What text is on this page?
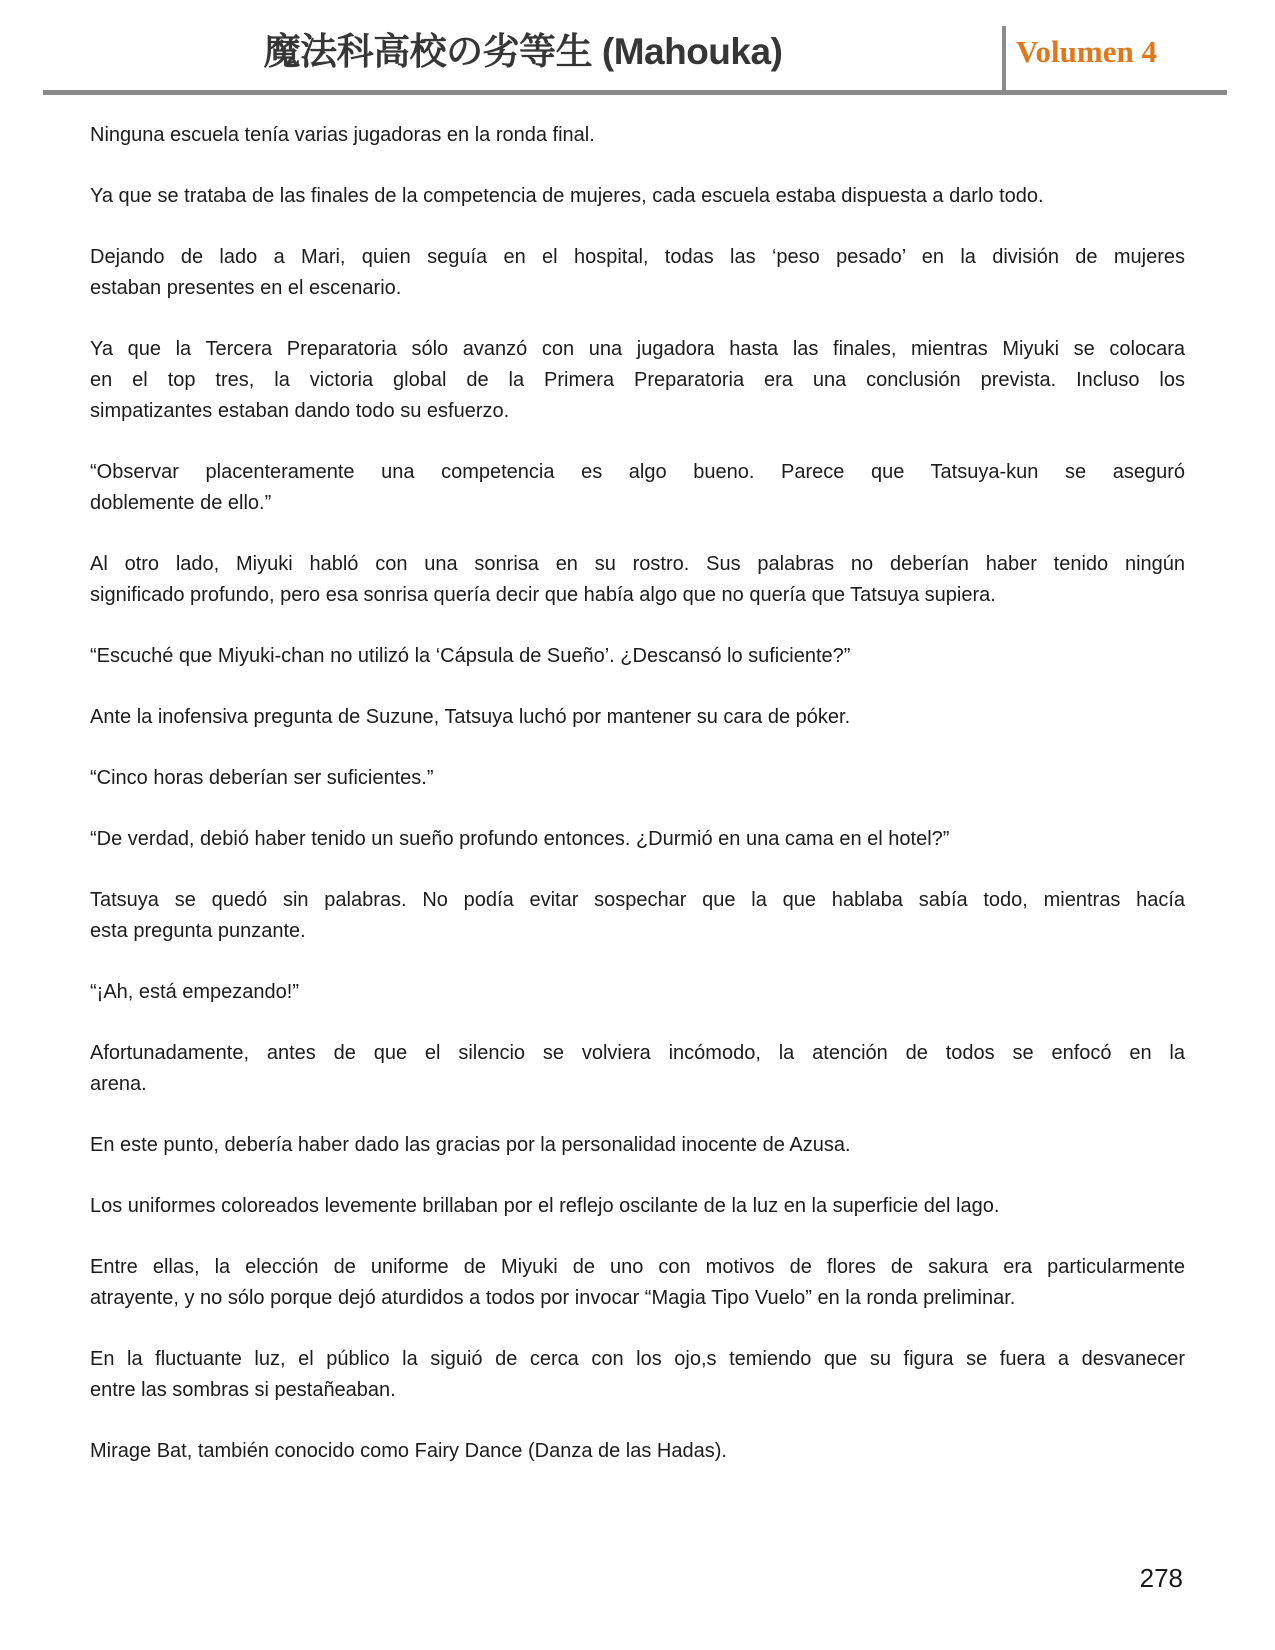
魔法科高校の劣等生 (Mahouka)	Volumen 4
Ninguna escuela tenía varias jugadoras en la ronda final.
Ya que se trataba de las finales de la competencia de mujeres, cada escuela estaba dispuesta a darlo todo.
Dejando de lado a Mari, quien seguía en el hospital, todas las ‘peso pesado’ en la división de mujeres
estaban presentes en el escenario.
Ya que la Tercera Preparatoria sólo avanzó con una jugadora hasta las finales, mientras Miyuki se colocara
en el top tres, la victoria global de la Primera Preparatoria era una conclusión prevista. Incluso los
simpatizantes estaban dando todo su esfuerzo.
“Observar placenteramente una competencia es algo bueno. Parece que Tatsuya-kun se aseguró
doblemente de ello.”
Al otro lado, Miyuki habló con una sonrisa en su rostro. Sus palabras no deberían haber tenido ningún
significado profundo, pero esa sonrisa quería decir que había algo que no quería que Tatsuya supiera.
“Escuché que Miyuki-chan no utilizó la ‘Cápsula de Sueño’. ¿Descansó lo suficiente?”
Ante la inofensiva pregunta de Suzune, Tatsuya luchó por mantener su cara de póker.
“Cinco horas deberían ser suficientes.”
“De verdad, debió haber tenido un sueño profundo entonces. ¿Durmió en una cama en el hotel?”
Tatsuya se quedó sin palabras. No podía evitar sospechar que la que hablaba sabía todo, mientras hacía
esta pregunta punzante.
“¡Ah, está empezando!”
Afortunadamente, antes de que el silencio se volviera incómodo, la atención de todos se enfocó en la
arena.
En este punto, debería haber dado las gracias por la personalidad inocente de Azusa.
Los uniformes coloreados levemente brillaban por el reflejo oscilante de la luz en la superficie del lago.
Entre ellas, la elección de uniforme de Miyuki de uno con motivos de flores de sakura era particularmente
atrayente, y no sólo porque dejó aturdidos a todos por invocar “Magia Tipo Vuelo” en la ronda preliminar.
En la fluctuante luz, el público la siguió de cerca con los ojo,s temiendo que su figura se fuera a desvanecer
entre las sombras si pestañeaban.
Mirage Bat, también conocido como Fairy Dance (Danza de las Hadas).
278
